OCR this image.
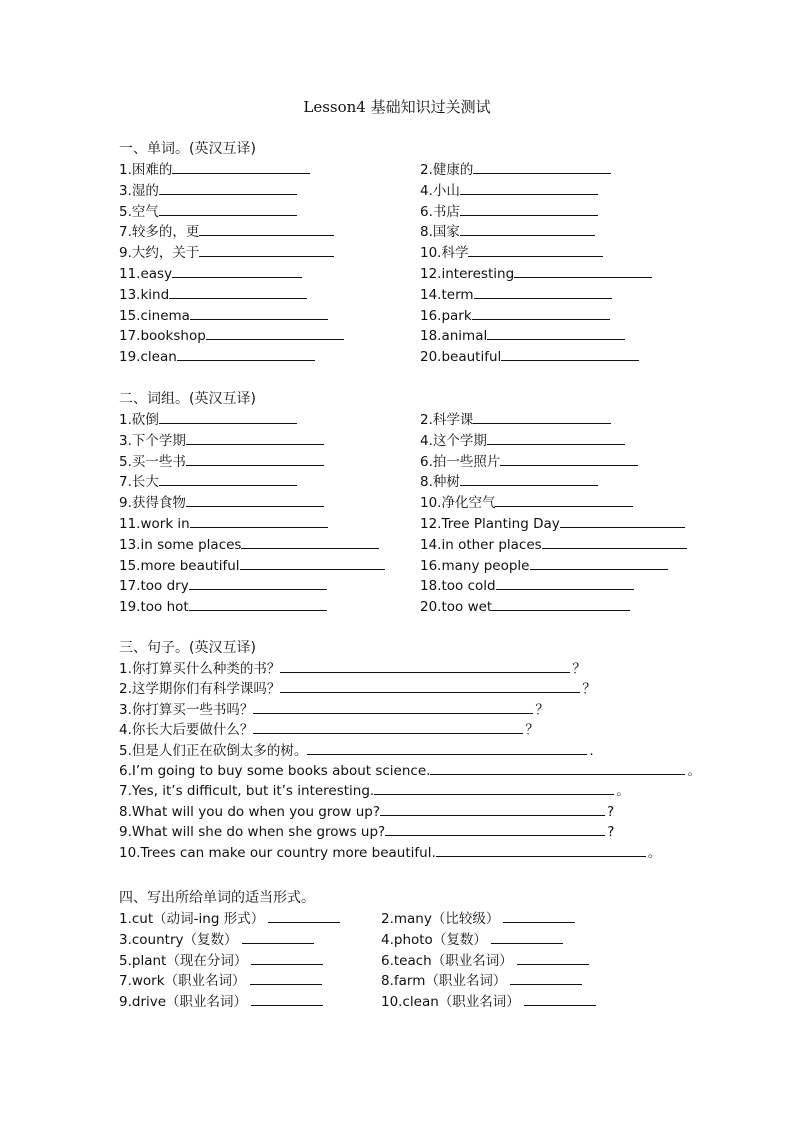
Lesson4 基础知识过关测试
一、单词。(英汉互译)
1.困难的	2.健康的
3.湿的	4.小山
5.空气	6.书店
7.较多的，更	8.国家
9.大约，关于	10.科学
11.easy	12.interesting
13.kind	14.term
15.cinema	16.park
17.bookshop	18.animal
19.clean	20.beautiful
二、词组。(英汉互译)
1.砍倒	2.科学课
3.下个学期	4.这个学期
5.买一些书	6.拍一些照片
7.长大	8.种树
9.获得食物	10.净化空气
11.work in	12.Tree Planting Day
13.in some places	14.in other places
15.more beautiful	16.many people
17.too dry	18.too cold
19.too hot	20.too wet
三、句子。(英汉互译)
1.你打算买什么种类的书？	？
2.这学期你们有科学课吗？	？
3.你打算买一些书吗？	？
4.你长大后要做什么？	？
5.但是人们正在砍倒太多的树。	.
6.I’m going to buy some books about science.	。
7.Yes, it’s difficult, but it’s interesting.	。
8.What will you do when you grow up?	?
9.What will she do when she grows up?	?
10.Trees can make our country more beautiful.	。
四、写出所给单词的适当形式。
1.cut（动词-ing 形式）	2.many（比较级）
3.country（复数）	4.photo（复数）
5.plant（现在分词）	6.teach（职业名词）
7.work（职业名词）	8.farm（职业名词）
9.drive（职业名词）	10.clean（职业名词）
